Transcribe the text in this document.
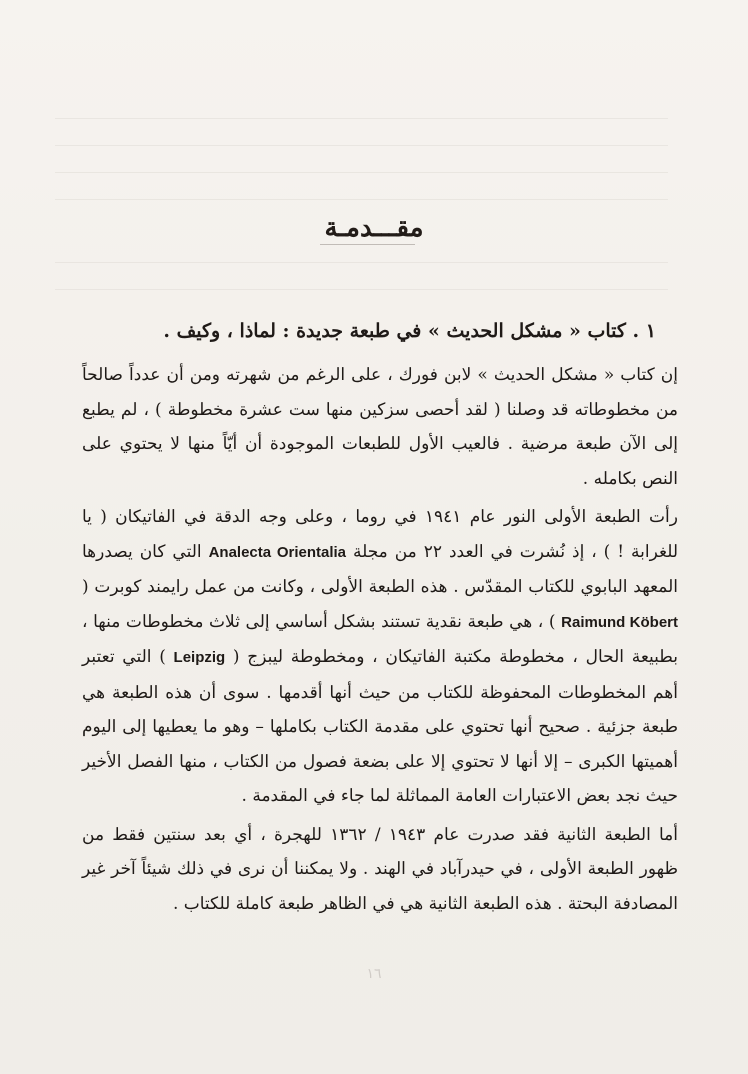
مقـــدمـة
١ . كتاب « مشكل الحديث » في طبعة جديدة : لماذا ، وكيف .

إن كتاب « مشكل الحديث » لابن فورك ، على الرغم من شهرته ومن أن عدداً صالحاً من مخطوطاته قد وصلنا ( لقد أحصى سزكين منها ست عشرة مخطوطة ) ، لم يطبع إلى الآن طبعة مرضية . فالعيب الأول للطبعات الموجودة أن أيّاً منها لا يحتوي على النص بكامله .

رأت الطبعة الأولى النور عام ١٩٤١ في روما ، وعلى وجه الدقة في الفاتيكان ( يا للغرابة ! ) ، إذ نُشرت في العدد ٢٢ من مجلة Analecta Orientalia التي كان يصدرها المعهد البابوي للكتاب المقدّس . هذه الطبعة الأولى ، وكانت من عمل رايمند كوبرت ( Raimund Köbert ) ، هي طبعة نقدية تستند بشكل أساسي إلى ثلاث مخطوطات منها ، بطبيعة الحال ، مخطوطة مكتبة الفاتيكان ، ومخطوطة ليبزج ( Leipzig ) التي تعتبر أهم المخطوطات المحفوظة للكتاب من حيث أنها أقدمها . سوى أن هذه الطبعة هي طبعة جزئية . صحيح أنها تحتوي على مقدمة الكتاب بكاملها – وهو ما يعطيها إلى اليوم أهميتها الكبرى – إلا أنها لا تحتوي إلا على بضعة فصول من الكتاب ، منها الفصل الأخير حيث نجد بعض الاعتبارات العامة المماثلة لما جاء في المقدمة .

أما الطبعة الثانية فقد صدرت عام ١٩٤٣ / ١٣٦٢ للهجرة ، أي بعد سنتين فقط من ظهور الطبعة الأولى ، في حيدرآباد في الهند . ولا يمكننا أن نرى في ذلك شيئاً آخر غير المصادفة البحتة . هذه الطبعة الثانية هي في الظاهر طبعة كاملة للكتاب .

١٦
